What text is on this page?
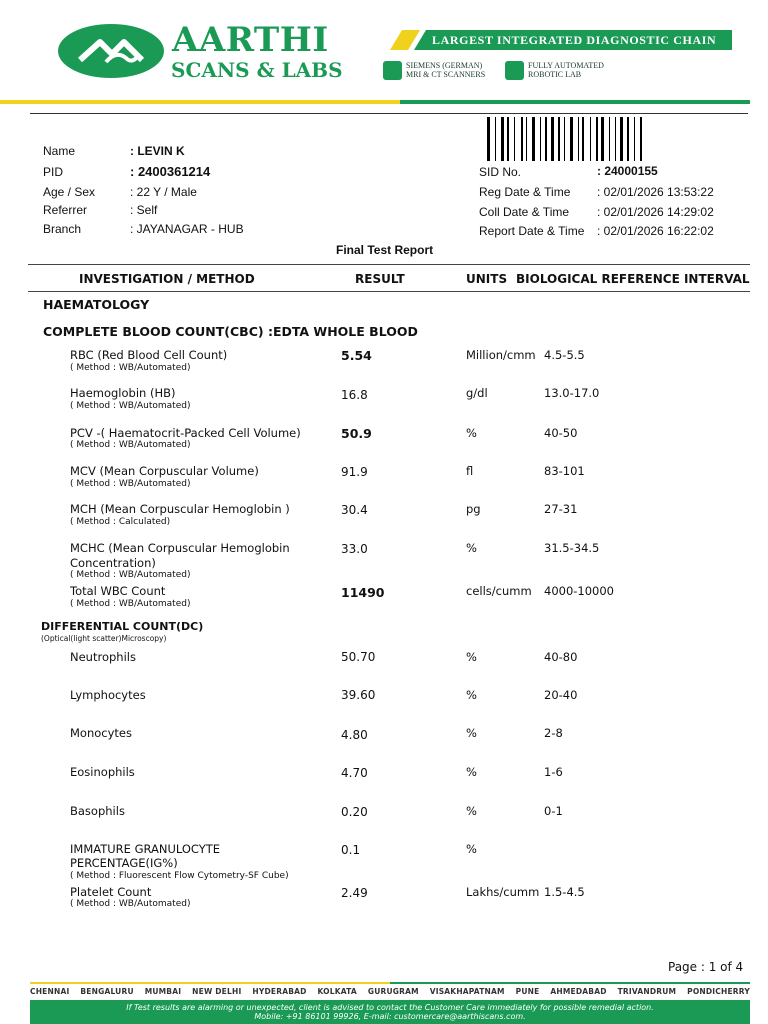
AARTHI
SCANS & LABS
LARGEST INTEGRATED DIAGNOSTIC CHAIN
SIEMENS (GERMAN)
MRI & CT SCANNERS
FULLY AUTOMATED
ROBOTIC LAB
Name	: LEVIN K
PID	: 2400361214
Age / Sex	: 22 Y / Male
Referrer	: Self
Branch	: JAYANAGAR - HUB
SID No.	: 24000155
Reg Date & Time : 02/01/2026 13:53:22
Coll Date & Time : 02/01/2026 14:29:02
Report Date & Time : 02/01/2026 16:22:02
Final Test Report
INVESTIGATION / METHOD	RESULT	UNITS BIOLOGICAL REFERENCE INTERVAL
HAEMATOLOGY
COMPLETE BLOOD COUNT(CBC) :EDTA WHOLE BLOOD
RBC (Red Blood Cell Count)
( Method : WB/Automated)
5.54	Million/cmm 4.5-5.5
Haemoglobin (HB)
( Method : WB/Automated)
16.8	g/dl	13.0-17.0
PCV -( Haematocrit-Packed Cell Volume)
( Method : WB/Automated)
50.9	%	40-50
MCV (Mean Corpuscular Volume)
( Method : WB/Automated)
91.9	fl	83-101
MCH (Mean Corpuscular Hemoglobin )
( Method : Calculated)
30.4	pg	27-31
MCHC (Mean Corpuscular Hemoglobin
Concentration)
( Method : WB/Automated)
33.0	%	31.5-34.5
Total WBC Count
( Method : WB/Automated)
11490	cells/cumm 4000-10000
DIFFERENTIAL COUNT(DC)
(Optical(light scatter)Microscopy)
Neutrophils	50.70	%	40-80
Lymphocytes	39.60	%	20-40
Monocytes	4.80	%	2-8
Eosinophils	4.70	%	1-6
Basophils	0.20	%	0-1
IMMATURE GRANULOCYTE
PERCENTAGE(IG%)
( Method : Fluorescent Flow Cytometry-SF Cube)
0.1	%
Platelet Count
( Method : WB/Automated)
2.49	Lakhs/cumm 1.5-4.5
Page : 1 of 4
CHENNAI BENGALURU MUMBAI NEW DELHI HYDERABAD KOLKATA GURUGRAM VISAKHAPATNAM PUNE AHMEDABAD TRIVANDRUM PONDICHERRY
If Test results are alarming or unexpected, client is advised to contact the Customer Care immediately for possible remedial action.
Mobile: +91 86101 99926, E-mail: customercare@aarthiscans.com.
